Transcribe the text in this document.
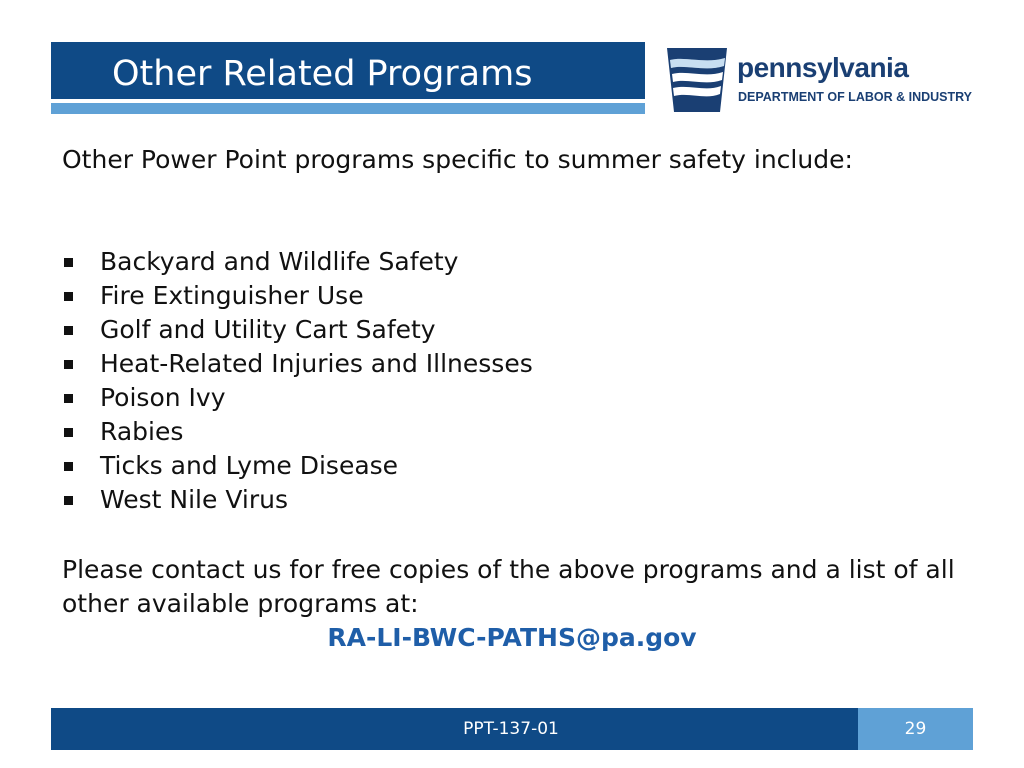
Other Related Programs	pennsylvania
DEPARTMENT OF LABOR & INDUSTRY

Other Power Point programs specific to summer safety include:

Backyard and Wildlife Safety
Fire Extinguisher Use
Golf and Utility Cart Safety
Heat-Related Injuries and Illnesses
Poison Ivy
Rabies
Ticks and Lyme Disease
West Nile Virus

Please contact us for free copies of the above programs and a list of all other available programs at:

RA-LI-BWC-PATHS@pa.gov
PPT-137-01	29
